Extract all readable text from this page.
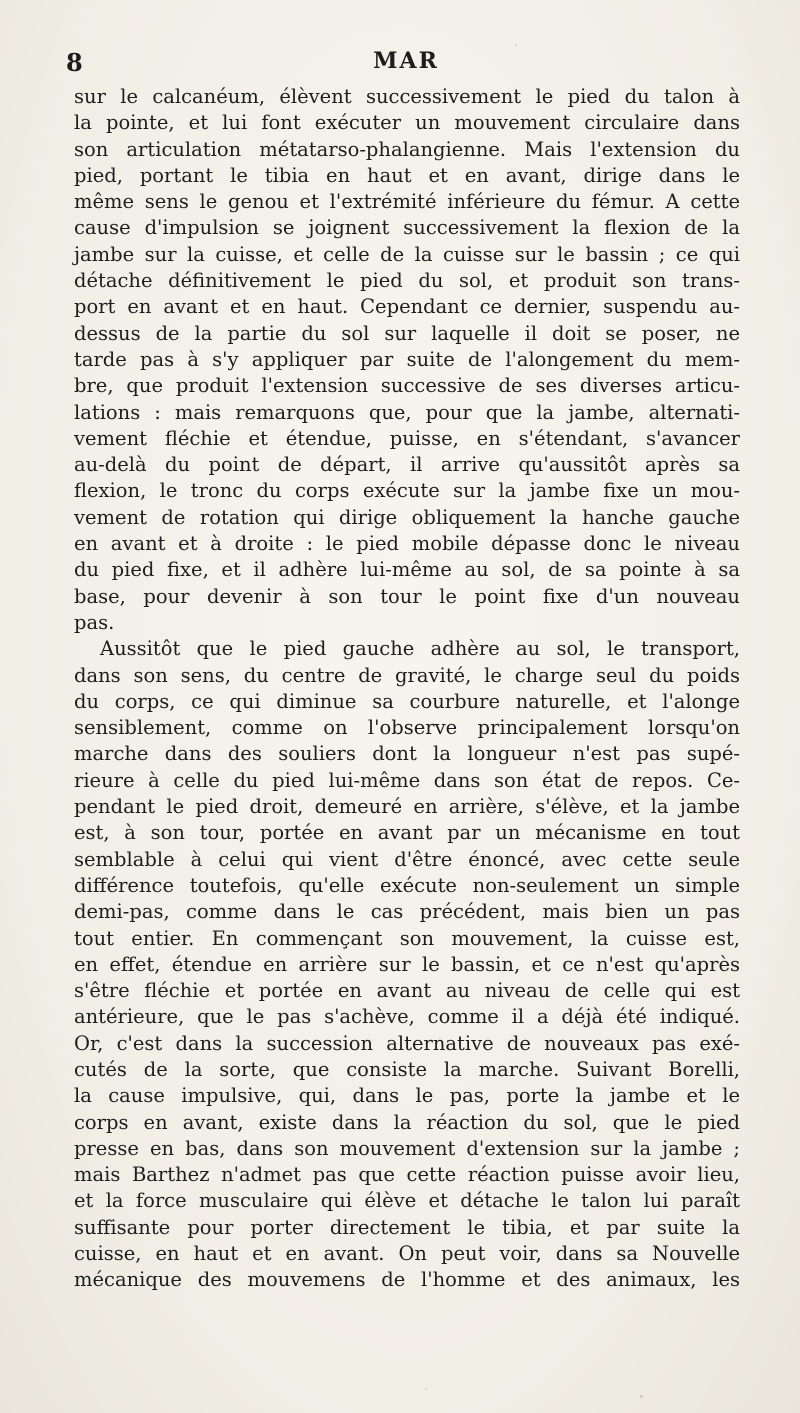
8	MAR
sur le calcanéum, élèvent successivement le pied du talon à
la pointe, et lui font exécuter un mouvement circulaire dans
son articulation métatarso-phalangienne. Mais l'extension du
pied, portant le tibia en haut et en avant, dirige dans le
même sens le genou et l'extrémité inférieure du fémur. A cette
cause d'impulsion se joignent successivement la flexion de la
jambe sur la cuisse, et celle de la cuisse sur le bassin ; ce qui
détache définitivement le pied du sol, et produit son trans-
port en avant et en haut. Cependant ce dernier, suspendu au-
dessus de la partie du sol sur laquelle il doit se poser, ne
tarde pas à s'y appliquer par suite de l'alongement du mem-
bre, que produit l'extension successive de ses diverses articu-
lations : mais remarquons que, pour que la jambe, alternati-
vement fléchie et étendue, puisse, en s'étendant, s'avancer
au-delà du point de départ, il arrive qu'aussitôt après sa
flexion, le tronc du corps exécute sur la jambe fixe un mou-
vement de rotation qui dirige obliquement la hanche gauche
en avant et à droite : le pied mobile dépasse donc le niveau
du pied fixe, et il adhère lui-même au sol, de sa pointe à sa
base, pour devenir à son tour le point fixe d'un nouveau
pas.
Aussitôt que le pied gauche adhère au sol, le transport,
dans son sens, du centre de gravité, le charge seul du poids
du corps, ce qui diminue sa courbure naturelle, et l'alonge
sensiblement, comme on l'observe principalement lorsqu'on
marche dans des souliers dont la longueur n'est pas supé-
rieure à celle du pied lui-même dans son état de repos. Ce-
pendant le pied droit, demeuré en arrière, s'élève, et la jambe
est, à son tour, portée en avant par un mécanisme en tout
semblable à celui qui vient d'être énoncé, avec cette seule
différence toutefois, qu'elle exécute non-seulement un simple
demi-pas, comme dans le cas précédent, mais bien un pas
tout entier. En commençant son mouvement, la cuisse est,
en effet, étendue en arrière sur le bassin, et ce n'est qu'après
s'être fléchie et portée en avant au niveau de celle qui est
antérieure, que le pas s'achève, comme il a déjà été indiqué.
Or, c'est dans la succession alternative de nouveaux pas exé-
cutés de la sorte, que consiste la marche. Suivant Borelli,
la cause impulsive, qui, dans le pas, porte la jambe et le
corps en avant, existe dans la réaction du sol, que le pied
presse en bas, dans son mouvement d'extension sur la jambe ;
mais Barthez n'admet pas que cette réaction puisse avoir lieu,
et la force musculaire qui élève et détache le talon lui paraît
suffisante pour porter directement le tibia, et par suite la
cuisse, en haut et en avant. On peut voir, dans sa Nouvelle
mécanique des mouvemens de l'homme et des animaux, les
